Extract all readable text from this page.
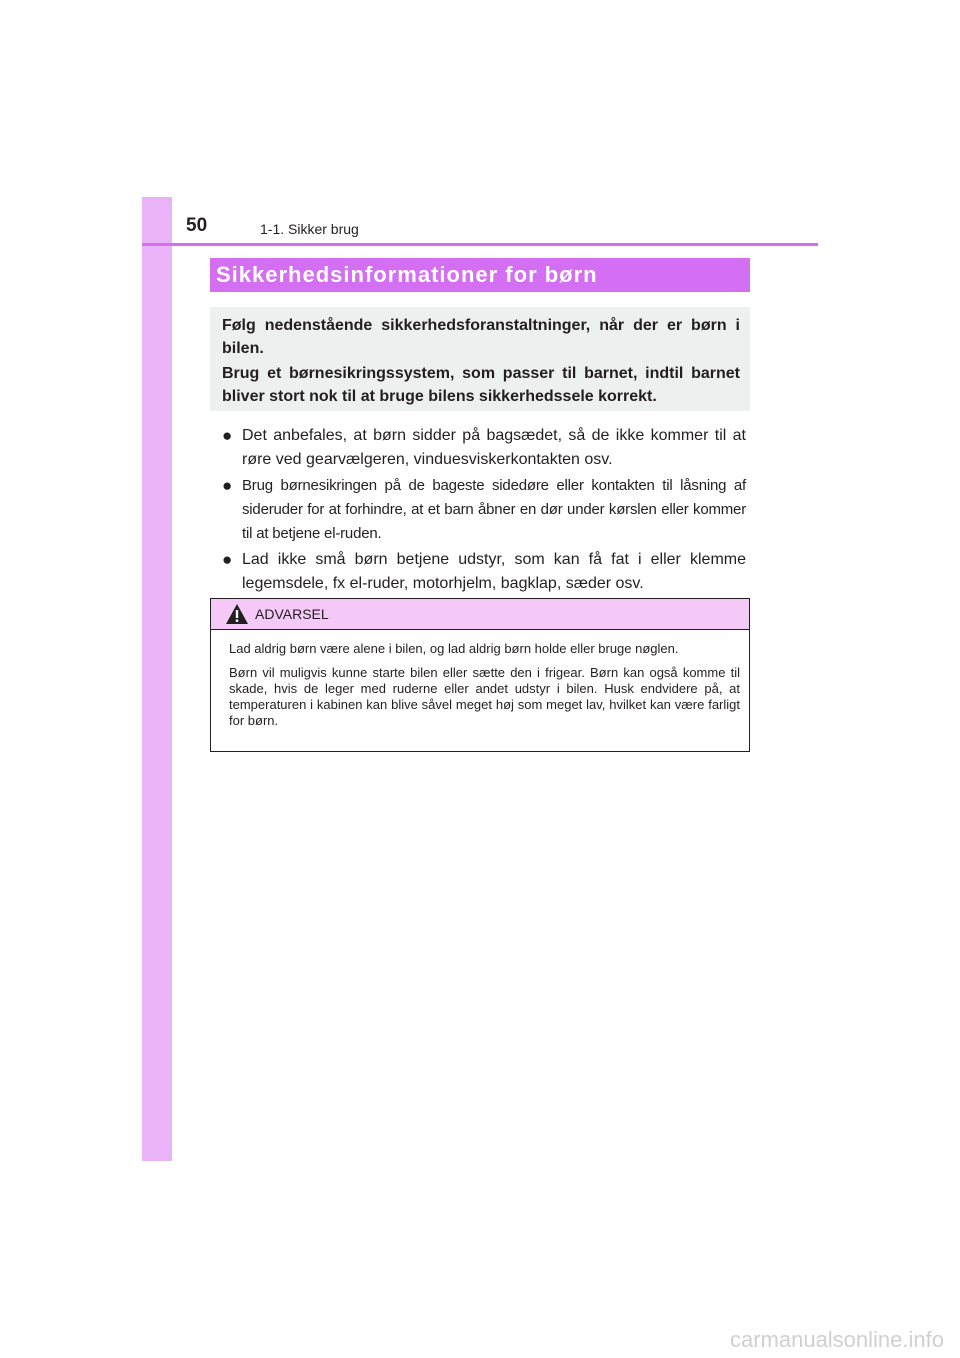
50	1-1. Sikker brug
Sikkerhedsinformationer for børn

Følg nedenstående sikkerhedsforanstaltninger, når der er børn i bilen.

Brug et børnesikringssystem, som passer til barnet, indtil barnet bliver stort nok til at bruge bilens sikkerhedssele korrekt.

● Det anbefales, at børn sidder på bagsædet, så de ikke kommer til at røre ved gearvælgeren, vinduesviskerkontakten osv.
● Brug børnesikringen på de bageste sidedøre eller kontakten til låsning af sideruder for at forhindre, at et barn åbner en dør under kørslen eller kommer til at betjene el-ruden.
● Lad ikke små børn betjene udstyr, som kan få fat i eller klemme legemsdele, fx el-ruder, motorhjelm, bagklap, sæder osv.
ADVARSEL

Lad aldrig børn være alene i bilen, og lad aldrig børn holde eller bruge nøglen.

Børn vil muligvis kunne starte bilen eller sætte den i frigear. Børn kan også komme til skade, hvis de leger med ruderne eller andet udstyr i bilen. Husk endvidere på, at temperaturen i kabinen kan blive såvel meget høj som meget lav, hvilket kan være farligt for børn.

carmanualsonline.info
